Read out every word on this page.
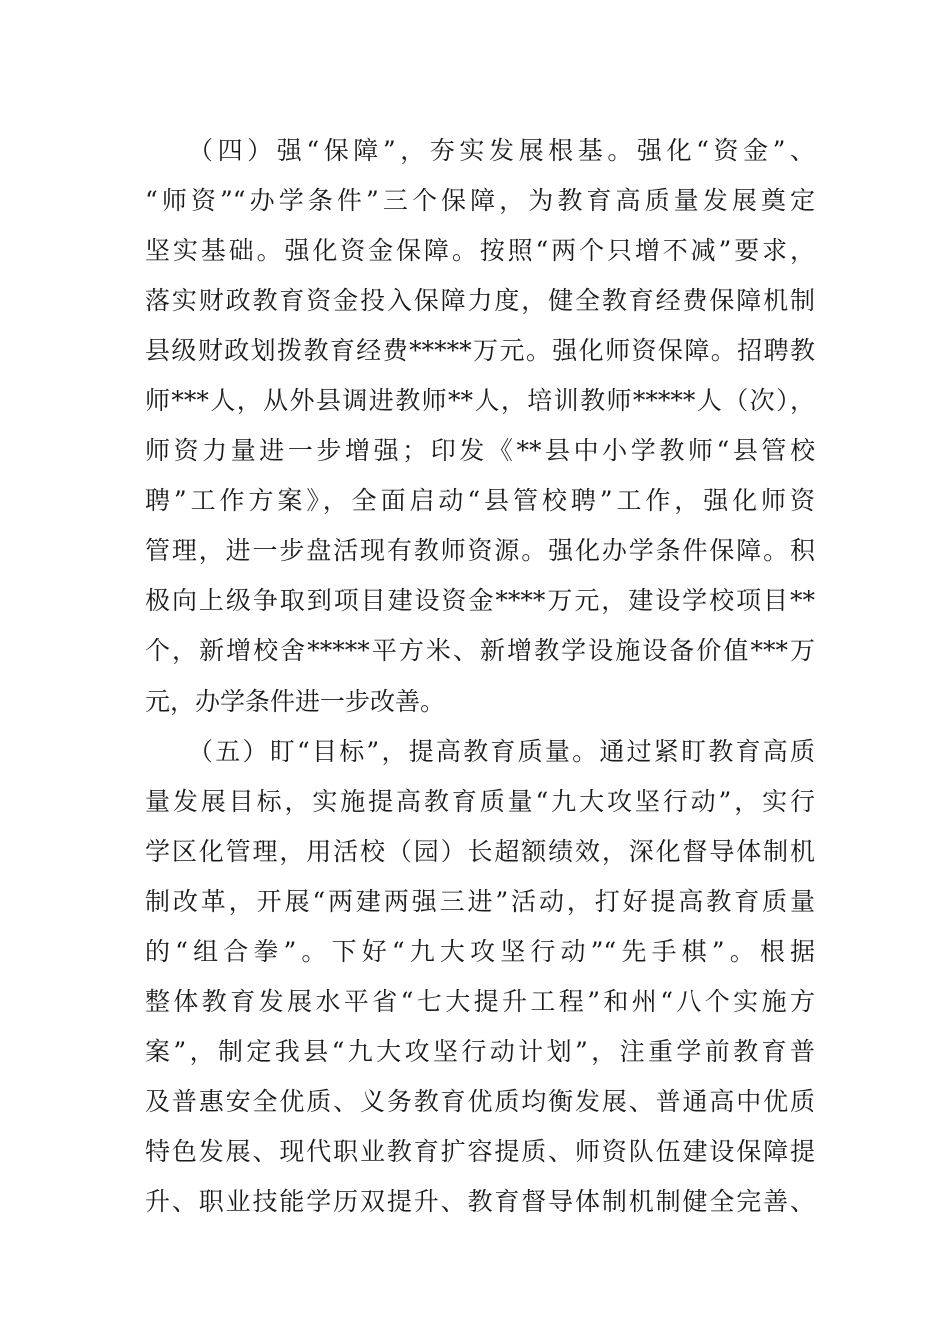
（四）强“保障”，夯实发展根基。强化“资金”、
“师资”“办学条件”三个保障，为教育高质量发展奠定
坚实基础。强化资金保障。按照“两个只增不减”要求，
落实财政教育资金投入保障力度，健全教育经费保障机制
县级财政划拨教育经费*****万元。强化师资保障。招聘教
师***人，从外县调进教师**人，培训教师*****人（次），
师资力量进一步增强；印发《**县中小学教师“县管校
聘”工作方案》，全面启动“县管校聘”工作，强化师资
管理，进一步盘活现有教师资源。强化办学条件保障。积
极向上级争取到项目建设资金****万元，建设学校项目**
个，新增校舍*****平方米、新增教学设施设备价值***万
元，办学条件进一步改善。
（五）盯“目标”，提高教育质量。通过紧盯教育高质
量发展目标，实施提高教育质量“九大攻坚行动”，实行
学区化管理，用活校（园）长超额绩效，深化督导体制机
制改革，开展“两建两强三进”活动，打好提高教育质量
的“组合拳”。下好“九大攻坚行动”“先手棋”。根据
整体教育发展水平省“七大提升工程”和州“八个实施方
案”，制定我县“九大攻坚行动计划”，注重学前教育普
及普惠安全优质、义务教育优质均衡发展、普通高中优质
特色发展、现代职业教育扩容提质、师资队伍建设保障提
升、职业技能学历双提升、教育督导体制机制健全完善、
